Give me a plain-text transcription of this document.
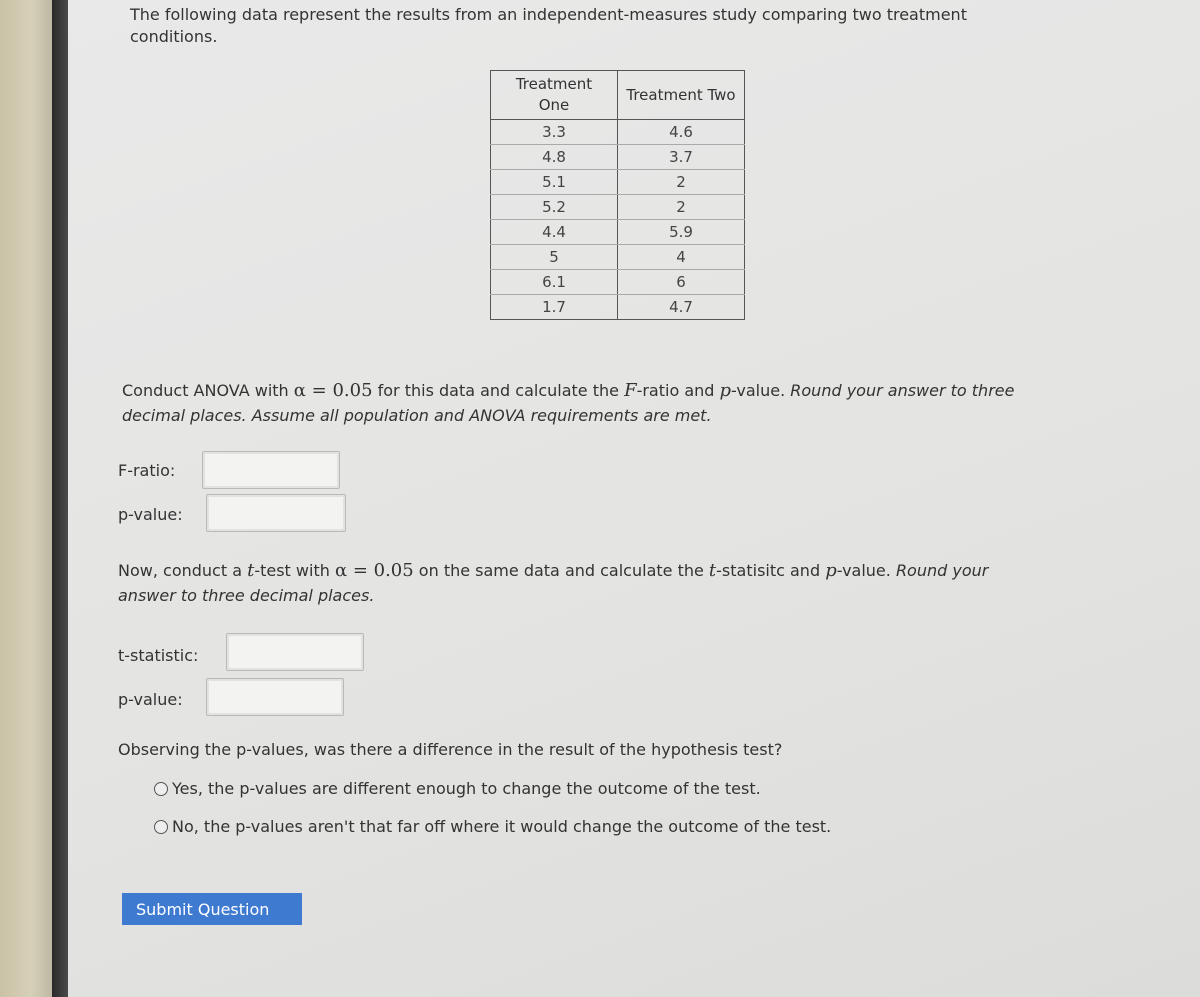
The following data represent the results from an independent-measures study comparing two treatment conditions.
Treatment One	Treatment Two
3.3	4.6
4.8	3.7
5.1	2
5.2	2
4.4	5.9
5	4
6.1	6
1.7	4.7
Conduct ANOVA with α = 0.05 for this data and calculate the F-ratio and p-value. Round your answer to three decimal places. Assume all population and ANOVA requirements are met.
F-ratio:
p-value:
Now, conduct a t-test with α = 0.05 on the same data and calculate the t-statisitc and p-value. Round your answer to three decimal places.
t-statistic:
p-value:
Observing the p-values, was there a difference in the result of the hypothesis test?
Yes, the p-values are different enough to change the outcome of the test.
No, the p-values aren't that far off where it would change the outcome of the test.
Submit Question
